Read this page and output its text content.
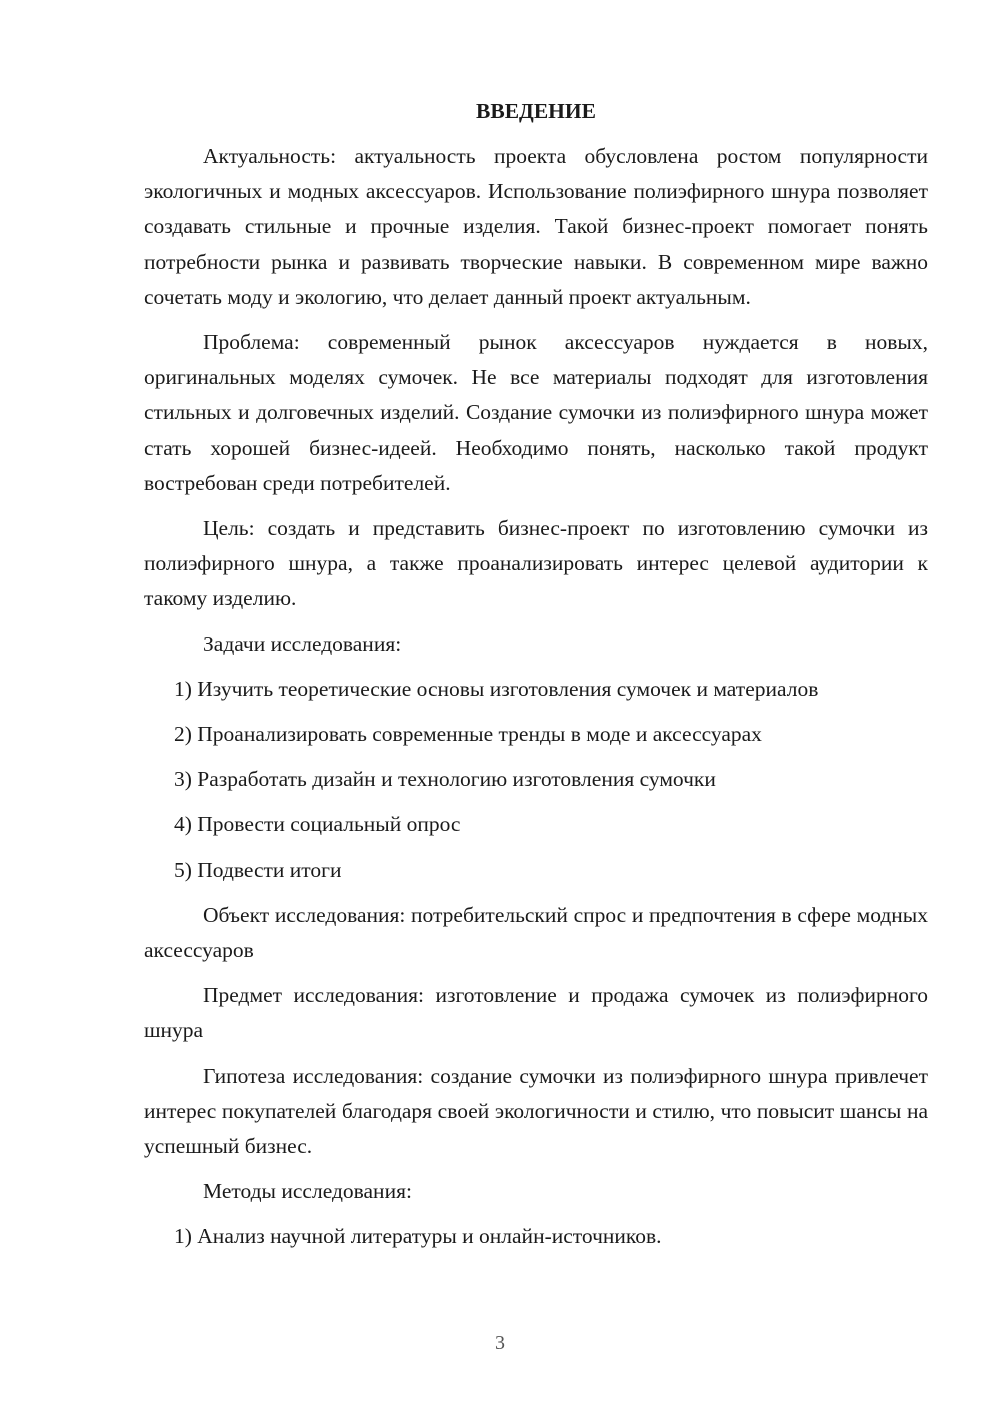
ВВЕДЕНИЕ
Актуальность: актуальность проекта обусловлена ростом популярности экологичных и модных аксессуаров. Использование полиэфирного шнура позволяет создавать стильные и прочные изделия. Такой бизнес-проект помогает понять потребности рынка и развивать творческие навыки. В современном мире важно сочетать моду и экологию, что делает данный проект актуальным.
Проблема: современный рынок аксессуаров нуждается в новых, оригинальных моделях сумочек. Не все материалы подходят для изготовления стильных и долговечных изделий. Создание сумочки из полиэфирного шнура может стать хорошей бизнес-идеей. Необходимо понять, насколько такой продукт востребован среди потребителей.
Цель: создать и представить бизнес-проект по изготовлению сумочки из полиэфирного шнура, а также проанализировать интерес целевой аудитории к такому изделию.
Задачи исследования:
1) Изучить теоретические основы изготовления сумочек и материалов
2) Проанализировать современные тренды в моде и аксессуарах
3) Разработать дизайн и технологию изготовления сумочки
4) Провести социальный опрос
5) Подвести итоги
Объект исследования: потребительский спрос и предпочтения в сфере модных аксессуаров
Предмет исследования: изготовление и продажа сумочек из полиэфирного шнура
Гипотеза исследования: создание сумочки из полиэфирного шнура привлечет интерес покупателей благодаря своей экологичности и стилю, что повысит шансы на успешный бизнес.
Методы исследования:
1) Анализ научной литературы и онлайн-источников.
3
